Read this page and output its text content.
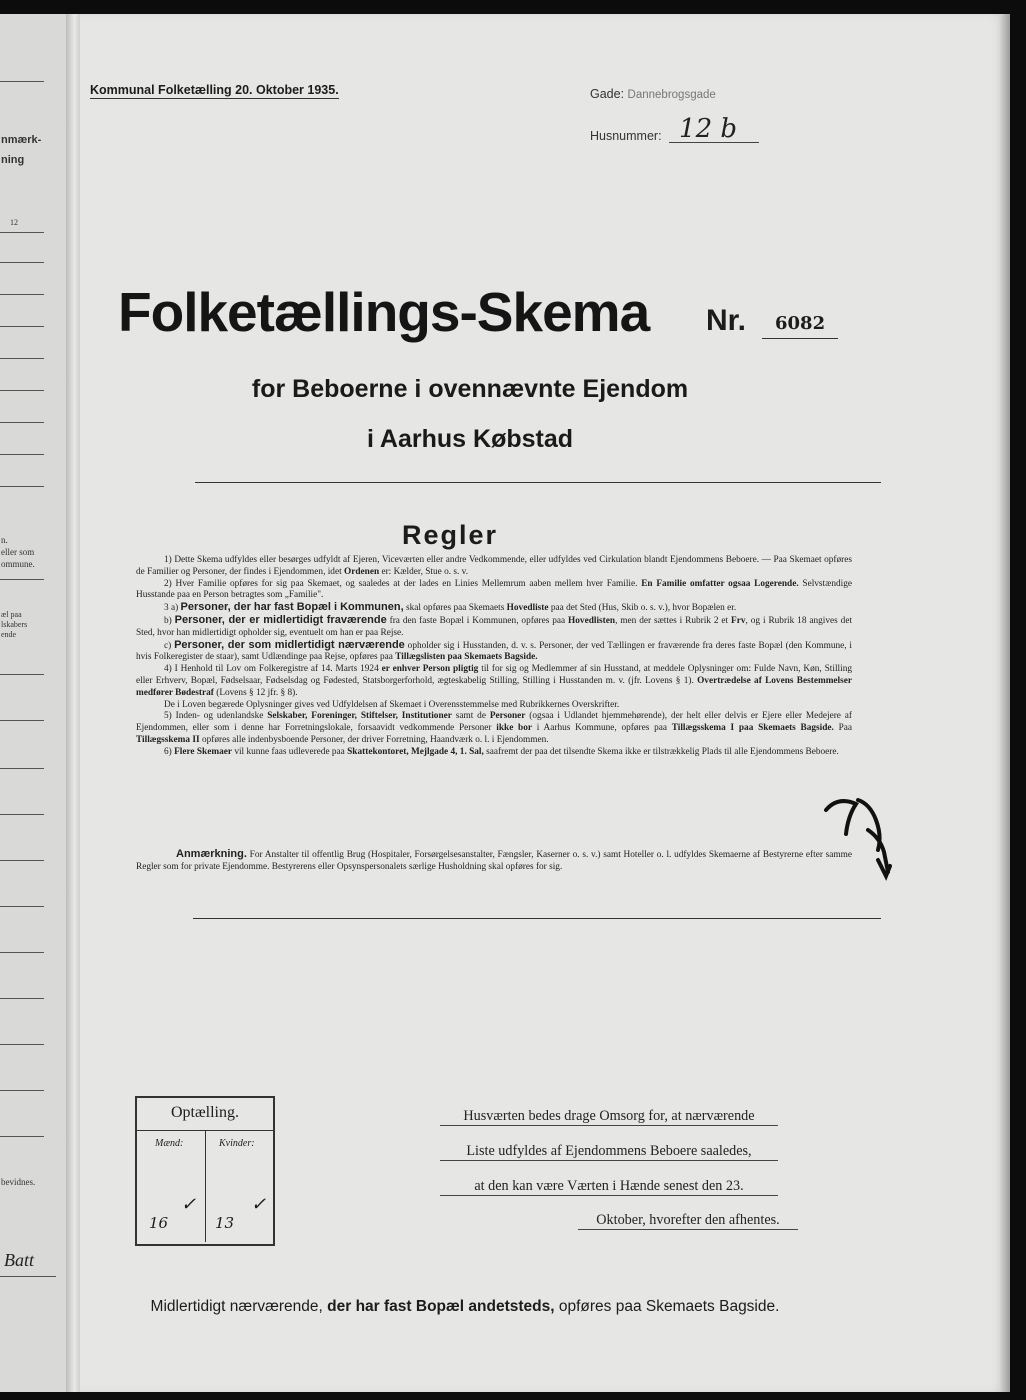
nmærk-
ning
12
n.
eller som
ommune.
æl paa
lskabers
ende
bevidnes.
Batt
Kommunal Folketælling 20. Oktober 1935.	Gade: Dannebrogsgade
Husnummer: 12 b
Folketællings-Skema Nr. 6082
for Beboerne i ovennævnte Ejendom
i Aarhus Købstad
Regler

1) Dette Skema udfyldes eller besørges udfyldt af Ejeren, Viceværten eller andre Vedkommende, eller udfyldes ved Cirkulation blandt Ejendommens Beboere. — Paa Skemaet opføres de Familier og Personer, der findes i Ejendommen, idet Ordenen er: Kælder, Stue o. s. v.

2) Hver Familie opføres for sig paa Skemaet, og saaledes at der lades en Linies Mellemrum aaben mellem hver Familie. En Familie omfatter ogsaa Logerende. Selvstændige Husstande paa en Person betragtes som „Familie".

3 a) Personer, der har fast Bopæl i Kommunen, skal opføres paa Skemaets Hovedliste paa det Sted (Hus, Skib o. s. v.), hvor Bopælen er.

b) Personer, der er midlertidigt fraværende fra den faste Bopæl i Kommunen, opføres paa Hovedlisten, men der sættes i Rubrik 2 et Frv, og i Rubrik 18 angives det Sted, hvor han midlertidigt opholder sig, eventuelt om han er paa Rejse.

c) Personer, der som midlertidigt nærværende opholder sig i Husstanden, d. v. s. Personer, der ved Tællingen er fraværende fra deres faste Bopæl (den Kommune, i hvis Folkeregister de staar), samt Udlændinge paa Rejse, opføres paa Tillægslisten paa Skemaets Bagside.

4) I Henhold til Lov om Folkeregistre af 14. Marts 1924 er enhver Person pligtig til for sig og Medlemmer af sin Husstand, at meddele Oplysninger om: Fulde Navn, Køn, Stilling eller Erhverv, Bopæl, Fødselsaar, Fødselsdag og Fødested, Statsborgerforhold, ægteskabelig Stilling, Stilling i Husstanden m. v. (jfr. Lovens § 1). Overtrædelse af Lovens Bestemmelser medfører Bødestraf (Lovens § 12 jfr. § 8).

De i Loven begærede Oplysninger gives ved Udfyldelsen af Skemaet i Overensstemmelse med Rubrikkernes Overskrifter.

5) Inden- og udenlandske Selskaber, Foreninger, Stiftelser, Institutioner samt de Personer (ogsaa i Udlandet hjemmehørende), der helt eller delvis er Ejere eller Medejere af Ejendommen, eller som i denne har Forretningslokale, forsaavidt vedkommende Personer ikke bor i Aarhus Kommune, opføres paa Tillægsskema I paa Skemaets Bagside. Paa Tillægsskema II opføres alle indenbysboende Personer, der driver Forretning, Haandværk o. l. i Ejendommen.

6) Flere Skemaer vil kunne faas udleverede paa Skattekontoret, Mejlgade 4, 1. Sal, saafremt der paa det tilsendte Skema ikke er tilstrækkelig Plads til alle Ejendommens Beboere.

Anmærkning. For Anstalter til offentlig Brug (Hospitaler, Forsørgelsesanstalter, Fængsler, Kaserner o. s. v.) samt Hoteller o. l. udfyldes Skemaerne af Bestyrerne efter samme Regler som for private Ejendomme. Bestyrerens eller Opsynspersonalets særlige Husholdning skal opføres for sig.

Optælling.
Mænd:	Kvinder:
✓	✓
16	13
Husværten bedes drage Omsorg for, at nærværende
Liste udfyldes af Ejendommens Beboere saaledes,
at den kan være Værten i Hænde senest den 23.
Oktober, hvorefter den afhentes.
Midlertidigt nærværende, der har fast Bopæl andetsteds, opføres paa Skemaets Bagside.
